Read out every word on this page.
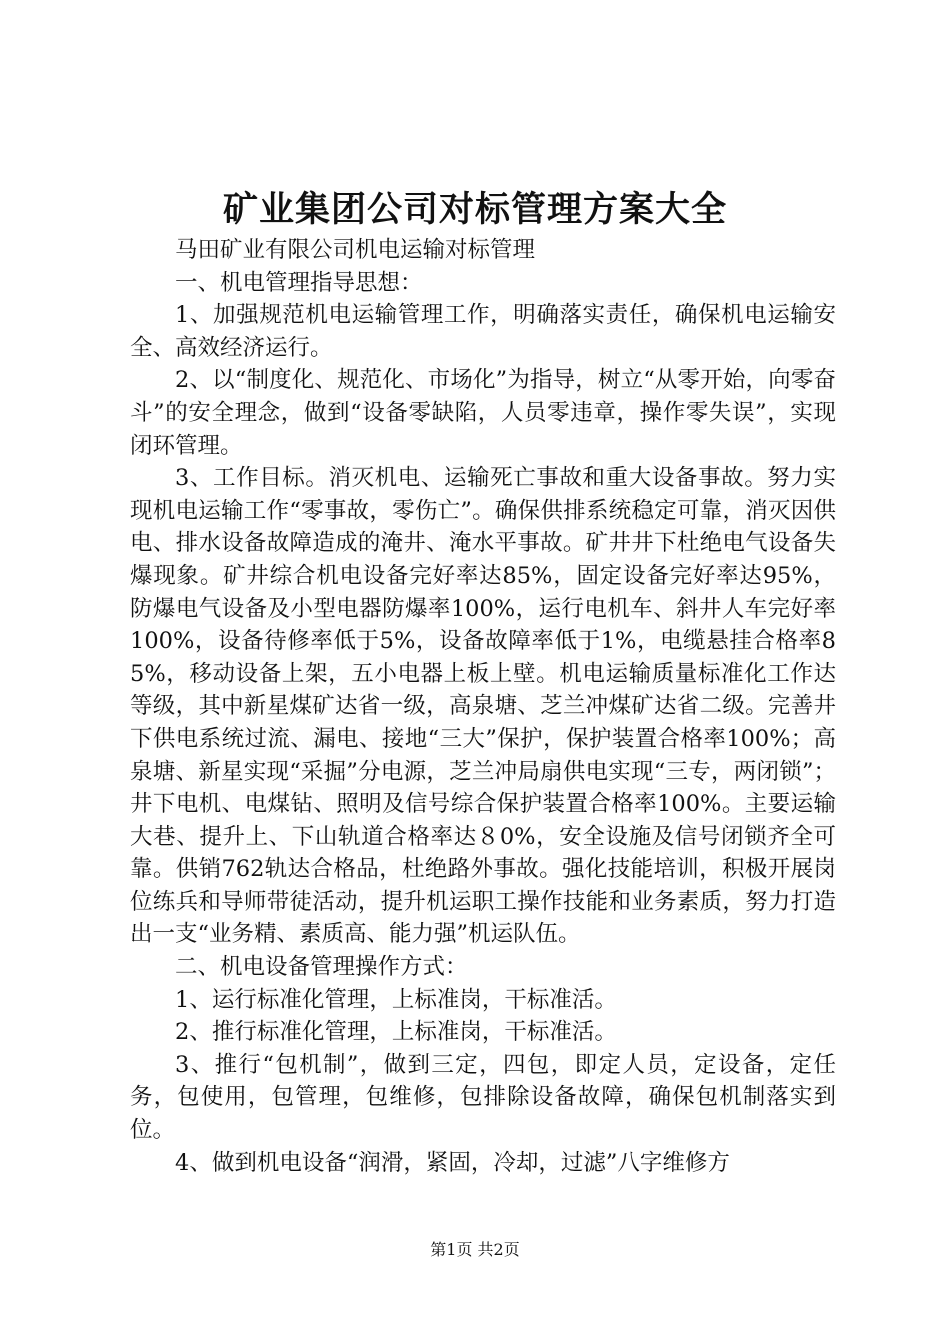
矿业集团公司对标管理方案大全

马田矿业有限公司机电运输对标管理

一、机电管理指导思想：

1、加强规范机电运输管理工作，明确落实责任，确保机电运输安全、高效经济运行。

2、以“制度化、规范化、市场化”为指导，树立“从零开始，向零奋斗”的安全理念，做到“设备零缺陷，人员零违章，操作零失误”，实现闭环管理。

3、工作目标。消灭机电、运输死亡事故和重大设备事故。努力实现机电运输工作“零事故，零伤亡”。确保供排系统稳定可靠，消灭因供电、排水设备故障造成的淹井、淹水平事故。矿井井下杜绝电气设备失爆现象。矿井综合机电设备完好率达85%，固定设备完好率达95%，防爆电气设备及小型电器防爆率100%，运行电机车、斜井人车完好率100%，设备待修率低于5%，设备故障率低于1%，电缆悬挂合格率85%，移动设备上架，五小电器上板上壁。机电运输质量标准化工作达等级，其中新星煤矿达省一级，高泉塘、芝兰冲煤矿达省二级。完善井下供电系统过流、漏电、接地“三大”保护，保护装置合格率100%；高泉塘、新星实现“采掘”分电源，芝兰冲局扇供电实现“三专，两闭锁”；井下电机、电煤钻、照明及信号综合保护装置合格率100%。主要运输大巷、提升上、下山轨道合格率达８0%，安全设施及信号闭锁齐全可靠。供销762轨达合格品，杜绝路外事故。强化技能培训，积极开展岗位练兵和导师带徒活动，提升机运职工操作技能和业务素质，努力打造出一支“业务精、素质高、能力强”机运队伍。

二、机电设备管理操作方式：

1、运行标准化管理，上标准岗，干标准活。

2、推行标准化管理，上标准岗，干标准活。

3、推行“包机制”，做到三定，四包，即定人员，定设备，定任务，包使用，包管理，包维修，包排除设备故障，确保包机制落实到位。

4、做到机电设备“润滑，紧固，冷却，过滤”八字维修方

第1页 共2页
